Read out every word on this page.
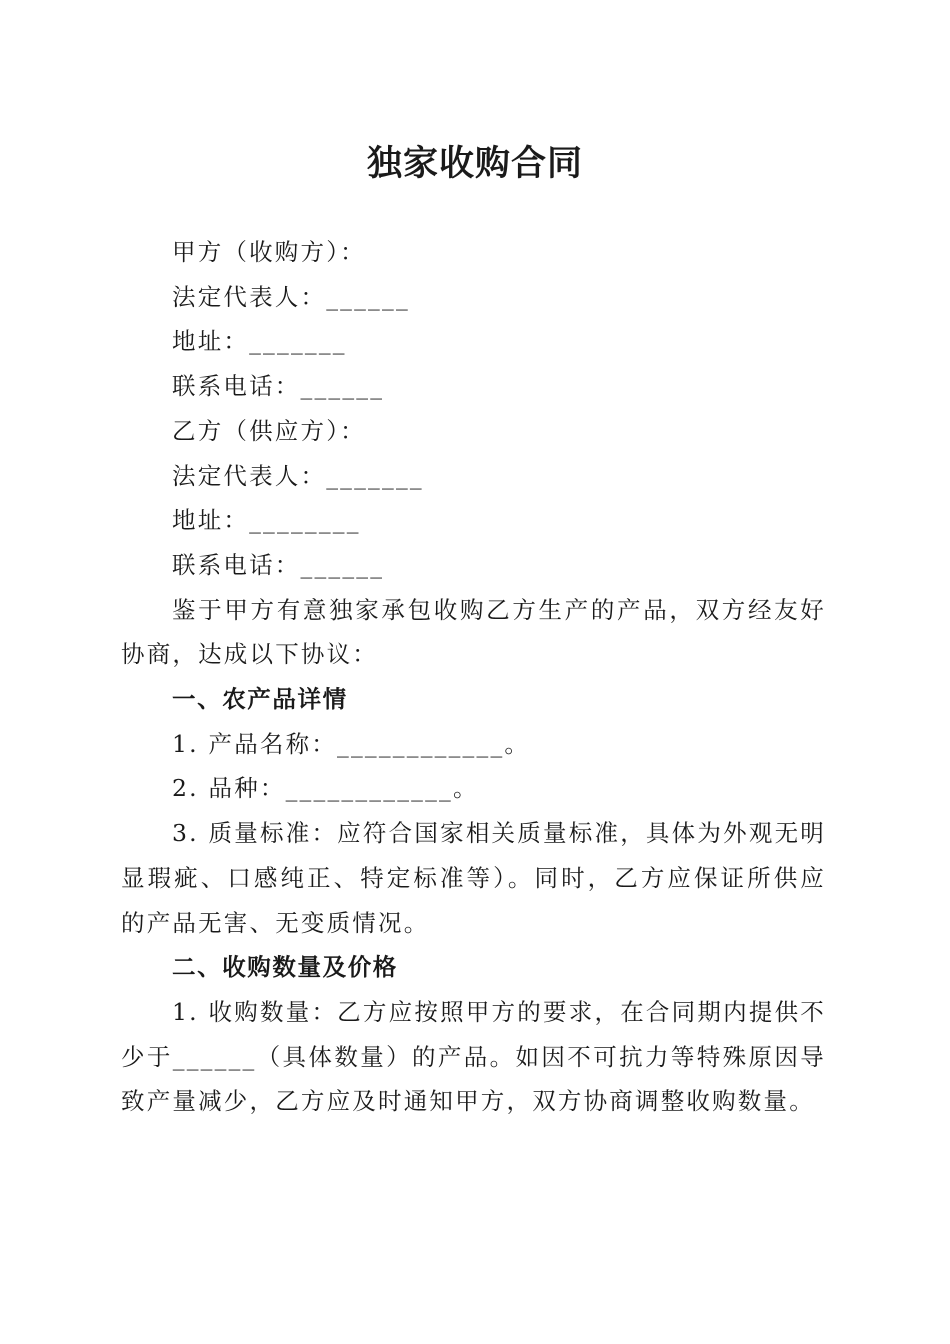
独家收购合同

甲方（收购方）：

法定代表人：______

地址：_______

联系电话：______

乙方（供应方）：

法定代表人：_______

地址：________

联系电话：______

鉴于甲方有意独家承包收购乙方生产的产品，双方经友好协商，达成以下协议：

一、农产品详情

1. 产品名称：____________。

2. 品种：____________。

3. 质量标准：应符合国家相关质量标准，具体为外观无明显瑕疵、口感纯正、特定标准等）。同时，乙方应保证所供应的产品无害、无变质情况。

二、收购数量及价格

1. 收购数量：乙方应按照甲方的要求，在合同期内提供不少于______（具体数量）的产品。如因不可抗力等特殊原因导致产量减少，乙方应及时通知甲方，双方协商调整收购数量。
